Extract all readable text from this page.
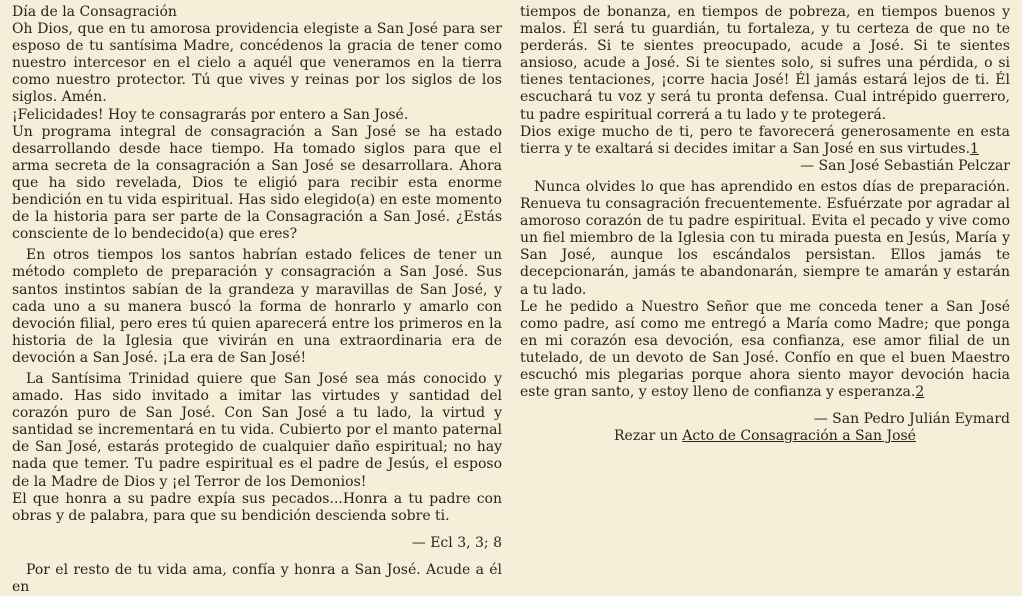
Día de la Consagración

Oh Dios, que en tu amorosa providencia elegiste a San José para ser esposo de tu santísima Madre, concédenos la gracia de tener como nuestro intercesor en el cielo a aquél que veneramos en la tierra como nuestro protector. Tú que vives y reinas por los siglos de los siglos. Amén.

¡Felicidades! Hoy te consagrarás por entero a San José.

Un programa integral de consagración a San José se ha estado desarrollando desde hace tiempo. Ha tomado siglos para que el arma secreta de la consagración a San José se desarrollara. Ahora que ha sido revelada, Dios te eligió para recibir esta enorme bendición en tu vida espiritual. Has sido elegido(a) en este momento de la historia para ser parte de la Consagración a San José. ¿Estás consciente de lo bendecido(a) que eres?

En otros tiempos los santos habrían estado felices de tener un método completo de preparación y consagración a San José. Sus santos instintos sabían de la grandeza y maravillas de San José, y cada uno a su manera buscó la forma de honrarlo y amarlo con devoción filial, pero eres tú quien aparecerá entre los primeros en la historia de la Iglesia que vivirán en una extraordinaria era de devoción a San José. ¡La era de San José!

La Santísima Trinidad quiere que San José sea más conocido y amado. Has sido invitado a imitar las virtudes y santidad del corazón puro de San José. Con San José a tu lado, la virtud y santidad se incrementará en tu vida. Cubierto por el manto paternal de San José, estarás protegido de cualquier daño espiritual; no hay nada que temer. Tu padre espiritual es el padre de Jesús, el esposo de la Madre de Dios y ¡el Terror de los Demonios!

El que honra a su padre expía sus pecados...Honra a tu padre con obras y de palabra, para que su bendición descienda sobre ti.

— Ecl 3, 3; 8

Por el resto de tu vida ama, confía y honra a San José. Acude a él en

tiempos de bonanza, en tiempos de pobreza, en tiempos buenos y malos. Él será tu guardián, tu fortaleza, y tu certeza de que no te perderás. Si te sientes preocupado, acude a José. Si te sientes ansioso, acude a José. Si te sientes solo, si sufres una pérdida, o si tienes tentaciones, ¡corre hacia José! Él jamás estará lejos de ti. Él escuchará tu voz y será tu pronta defensa. Cual intrépido guerrero, tu padre espiritual correrá a tu lado y te protegerá.

Dios exige mucho de ti, pero te favorecerá generosamente en esta tierra y te exaltará si decides imitar a San José en sus virtudes.1

— San José Sebastián Pelczar

Nunca olvides lo que has aprendido en estos días de preparación. Renueva tu consagración frecuentemente. Esfuérzate por agradar al amoroso corazón de tu padre espiritual. Evita el pecado y vive como un fiel miembro de la Iglesia con tu mirada puesta en Jesús, María y San José, aunque los escándalos persistan. Ellos jamás te decepcionarán, jamás te abandonarán, siempre te amarán y estarán a tu lado.

Le he pedido a Nuestro Señor que me conceda tener a San José como padre, así como me entregó a María como Madre; que ponga en mi corazón esa devoción, esa confianza, ese amor filial de un tutelado, de un devoto de San José. Confío en que el buen Maestro escuchó mis plegarias porque ahora siento mayor devoción hacia este gran santo, y estoy lleno de confianza y esperanza.2

— San Pedro Julián Eymard

Rezar un Acto de Consagración a San José
